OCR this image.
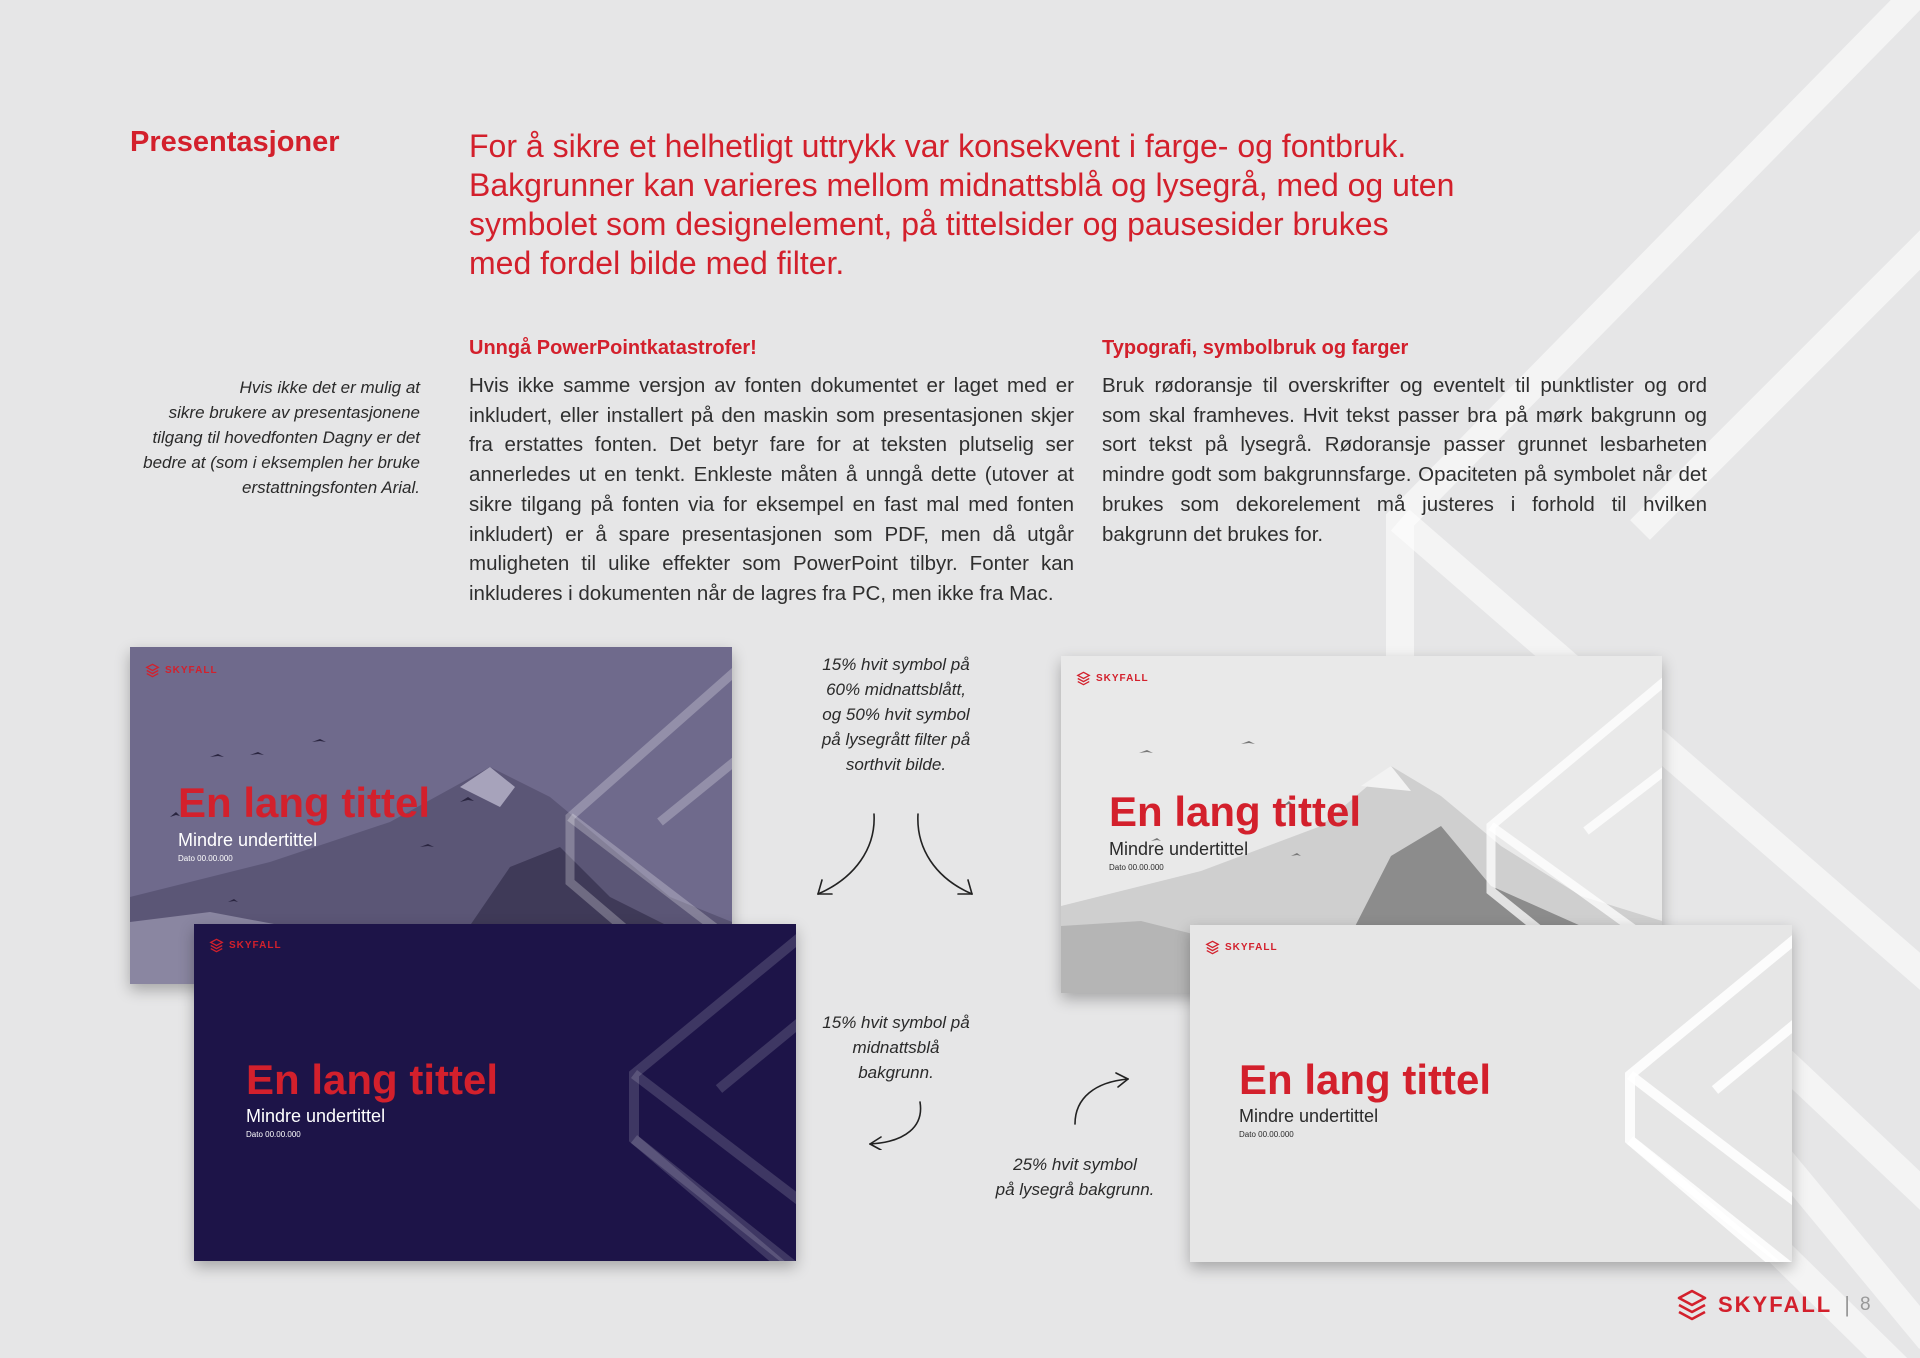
Presentasjoner	For å sikre et helhetligt uttrykk var konsekvent i farge- og fontbruk.
Bakgrunner kan varieres mellom midnattsblå og lysegrå, med og uten
symbolet som designelement, på tittelsider og pausesider brukes
med fordel bilde med filter.

Hvis ikke det er mulig at
sikre brukere av presentasjonene
tilgang til hovedfonten Dagny er det
bedre at (som i eksemplen her bruke
erstattningsfonten Arial.

Unngå PowerPointkatastrofer!

Hvis ikke samme versjon av fonten dokumentet er laget med er inkludert, eller installert på den maskin som presentasjonen skjer fra erstattes fonten. Det betyr fare for at teksten plutselig ser annerledes ut en tenkt. Enkleste måten å unngå dette (utover at sikre tilgang på fonten via for eksempel en fast mal med fonten inkludert) er å spare presentasjonen som PDF, men då utgår muligheten til ulike effekter som PowerPoint tilbyr. Fonter kan inkluderes i dokumenten når de lagres fra PC, men ikke fra Mac.

Typografi, symbolbruk og farger

Bruk rødoransje til overskrifter og eventelt til punktlister og ord som skal framheves. Hvit tekst passer bra på mørk bakgrunn og sort tekst på lysegrå. Rødoransje passer grunnet lesbarheten mindre godt som bakgrunnsfarge. Opaciteten på symbolet når det brukes som dekorelement må justeres i forhold til hvilken bakgrunn det brukes for.

SKYFALL
En lang tittel
Mindre undertittel
Dato 00.00.000
SKYFALL
En lang tittel
Mindre undertittel
Dato 00.00.000
SKYFALL
En lang tittel
Mindre undertittel
Dato 00.00.000
SKYFALL
En lang tittel
Mindre undertittel
Dato 00.00.000

15% hvit symbol på
60% midnattsblått,
og 50% hvit symbol
på lysegrått filter på
sorthvit bilde.

15% hvit symbol på
midnattsblå
bakgrunn.

25% hvit symbol
på lysegrå bakgrunn.

SKYFALL | 8
